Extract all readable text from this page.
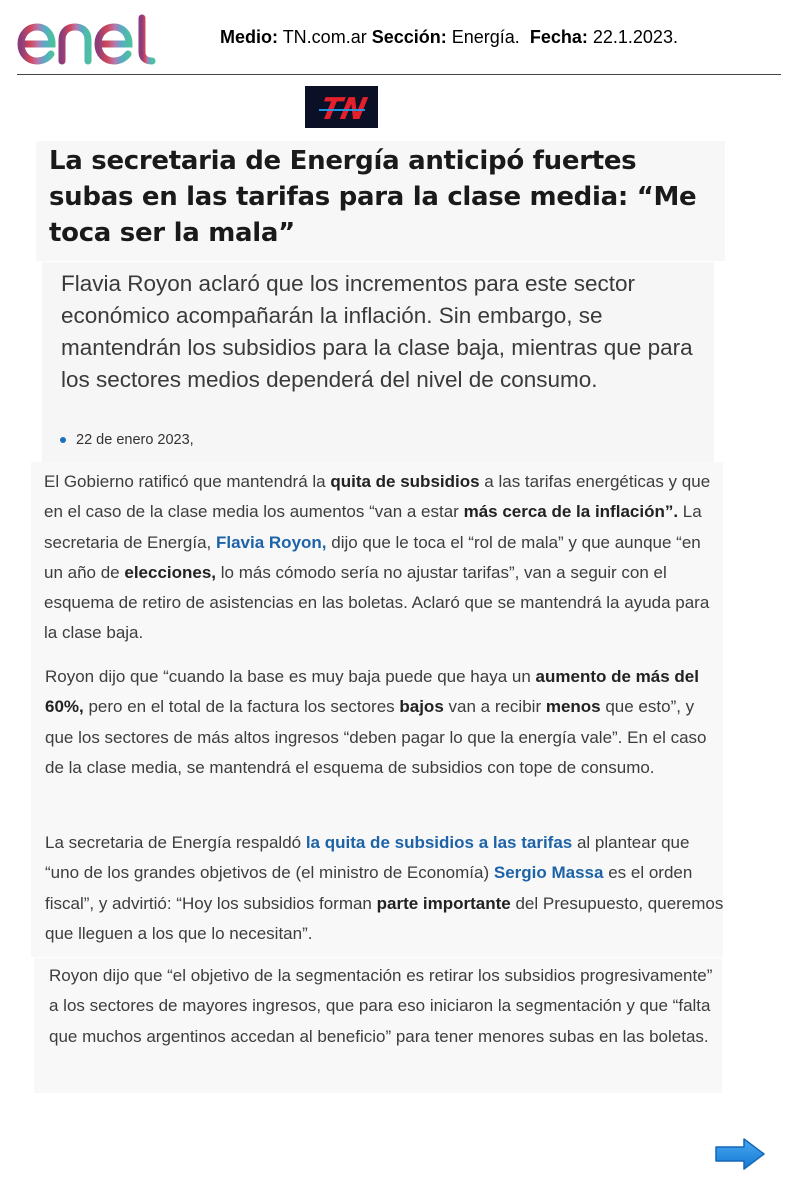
Medio: TN.com.ar Sección: Energía. Fecha: 22.1.2023.
TN
La secretaria de Energía anticipó fuertes subas en las tarifas para la clase media: “Me toca ser la mala”

Flavia Royon aclaró que los incrementos para este sector económico acompañarán la inflación. Sin embargo, se mantendrán los subsidios para la clase baja, mientras que para los sectores medios dependerá del nivel de consumo.

22 de enero 2023,

El Gobierno ratificó que mantendrá la quita de subsidios a las tarifas energéticas y que en el caso de la clase media los aumentos “van a estar más cerca de la inflación”. La secretaria de Energía, Flavia Royon, dijo que le toca el “rol de mala” y que aunque “en un año de elecciones, lo más cómodo sería no ajustar tarifas”, van a seguir con el esquema de retiro de asistencias en las boletas. Aclaró que se mantendrá la ayuda para la clase baja.

Royon dijo que “cuando la base es muy baja puede que haya un aumento de más del 60%, pero en el total de la factura los sectores bajos van a recibir menos que esto”, y que los sectores de más altos ingresos “deben pagar lo que la energía vale”. En el caso de la clase media, se mantendrá el esquema de subsidios con tope de consumo.

La secretaria de Energía respaldó la quita de subsidios a las tarifas al plantear que “uno de los grandes objetivos de (el ministro de Economía) Sergio Massa es el orden fiscal”, y advirtió: “Hoy los subsidios forman parte importante del Presupuesto, queremos que lleguen a los que lo necesitan”.

Royon dijo que “el objetivo de la segmentación es retirar los subsidios progresivamente” a los sectores de mayores ingresos, que para eso iniciaron la segmentación y que “falta que muchos argentinos accedan al beneficio” para tener menores subas en las boletas.
